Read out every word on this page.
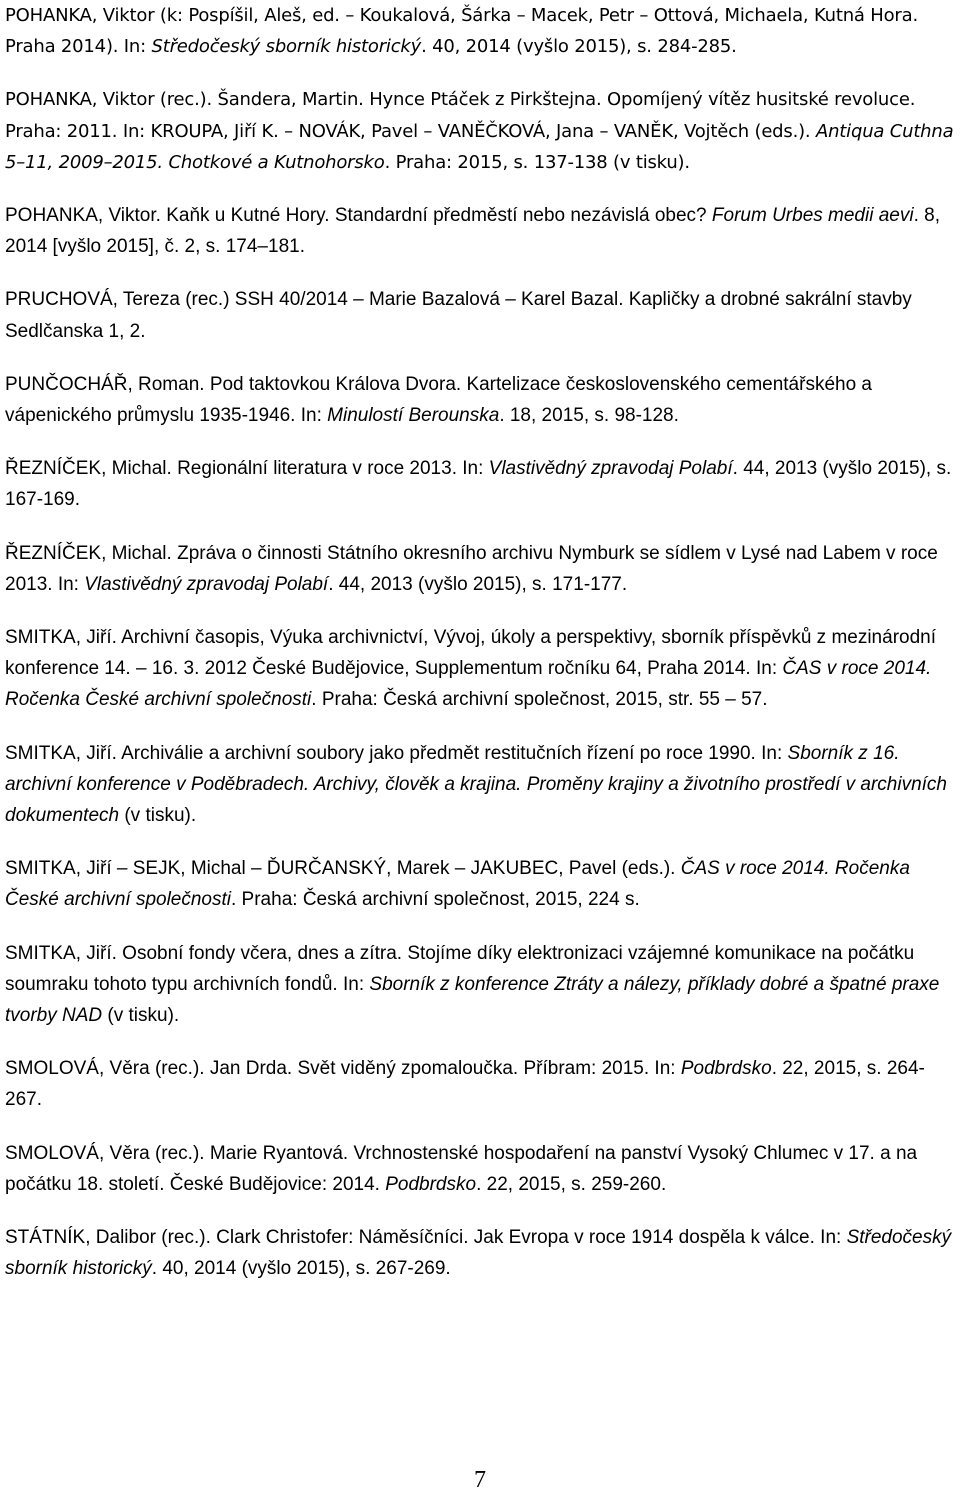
POHANKA, Viktor (k: Pospíšil, Aleš, ed. – Koukalová, Šárka – Macek, Petr – Ottová, Michaela, Kutná Hora. Praha 2014). In: Středočeský sborník historický. 40, 2014 (vyšlo 2015), s. 284-285.

POHANKA, Viktor (rec.). Šandera, Martin. Hynce Ptáček z Pirkštejna. Opomíjený vítěz husitské revoluce. Praha: 2011. In: KROUPA, Jiří K. – NOVÁK, Pavel – VANĚČKOVÁ, Jana – VANĚK, Vojtěch (eds.). Antiqua Cuthna 5–11, 2009–2015. Chotkové a Kutnohorsko. Praha: 2015, s. 137-138 (v tisku).

POHANKA, Viktor. Kaňk u Kutné Hory. Standardní předměstí nebo nezávislá obec? Forum Urbes medii aevi. 8, 2014 [vyšlo 2015], č. 2, s. 174–181.

PRUCHOVÁ, Tereza (rec.) SSH 40/2014 – Marie Bazalová – Karel Bazal. Kapličky a drobné sakrální stavby Sedlčanska 1, 2.

PUNČOCHÁŘ, Roman. Pod taktovkou Králova Dvora. Kartelizace československého cementářského a vápenického průmyslu 1935-1946. In: Minulostí Berounska. 18, 2015, s. 98-128.

ŘEZNÍČEK, Michal. Regionální literatura v roce 2013. In: Vlastivědný zpravodaj Polabí. 44, 2013 (vyšlo 2015), s. 167-169.

ŘEZNÍČEK, Michal. Zpráva o činnosti Státního okresního archivu Nymburk se sídlem v Lysé nad Labem v roce 2013. In: Vlastivědný zpravodaj Polabí. 44, 2013 (vyšlo 2015), s. 171-177.

SMITKA, Jiří. Archivní časopis, Výuka archivnictví, Vývoj, úkoly a perspektivy, sborník příspěvků z mezinárodní konference 14. – 16. 3. 2012 České Budějovice, Supplementum ročníku 64, Praha 2014. In: ČAS v roce 2014. Ročenka České archivní společnosti. Praha: Česká archivní společnost, 2015, str. 55 – 57.

SMITKA, Jiří. Archiválie a archivní soubory jako předmět restitučních řízení po roce 1990. In: Sborník z 16. archivní konference v Poděbradech. Archivy, člověk a krajina. Proměny krajiny a životního prostředí v archivních dokumentech (v tisku).

SMITKA, Jiří – SEJK, Michal – ĎURČANSKÝ, Marek – JAKUBEC, Pavel (eds.). ČAS v roce 2014. Ročenka České archivní společnosti. Praha: Česká archivní společnost, 2015, 224 s.

SMITKA, Jiří. Osobní fondy včera, dnes a zítra. Stojíme díky elektronizaci vzájemné komunikace na počátku soumraku tohoto typu archivních fondů. In: Sborník z konference Ztráty a nálezy, příklady dobré a špatné praxe tvorby NAD (v tisku).

SMOLOVÁ, Věra (rec.). Jan Drda. Svět viděný zpomaloučka. Příbram: 2015. In: Podbrdsko. 22, 2015, s. 264-267.

SMOLOVÁ, Věra (rec.). Marie Ryantová. Vrchnostenské hospodaření na panství Vysoký Chlumec v 17. a na počátku 18. století. České Budějovice: 2014. Podbrdsko. 22, 2015, s. 259-260.

STÁTNÍK, Dalibor (rec.). Clark Christofer: Náměsíčníci. Jak Evropa v roce 1914 dospěla k válce. In: Středočeský sborník historický. 40, 2014 (vyšlo 2015), s. 267-269.

7
